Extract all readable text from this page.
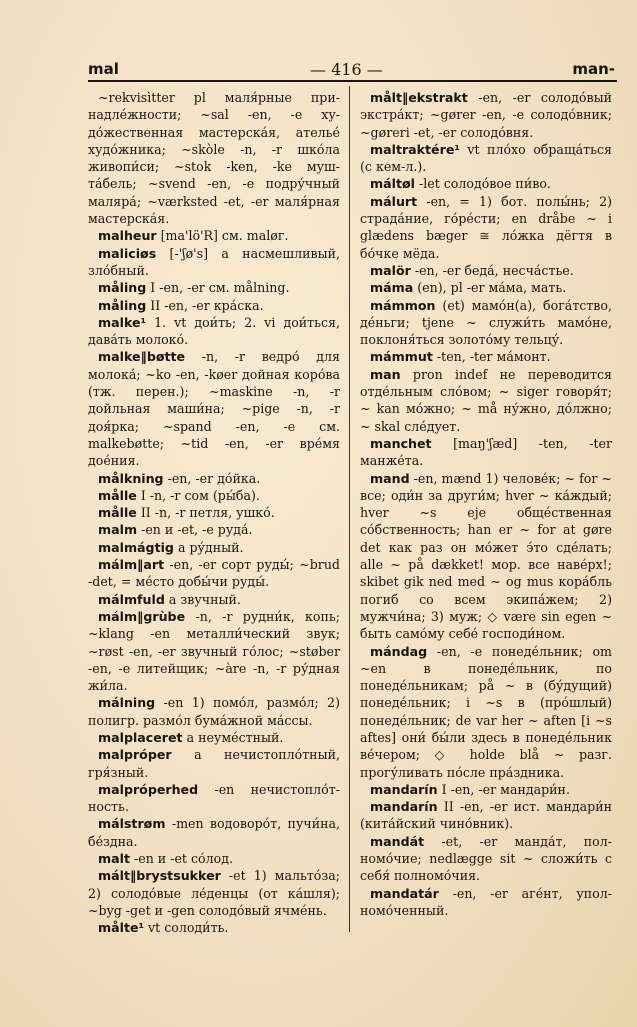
mal	— 416 —	man-

~rekvisìtter pl маля́рные принадле́жности; ~sal -en, -e худо́жественная мастерска́я, ателье́ худо́жника; ~skòle -n, -r шко́ла живопи́си; ~stok -ken, -ke мушта́бель; ~svend -en, -e подру́чный маляра́; ~værksted -et, -er маля́рная мастерска́я.

malheur [ma'lö'R] см. maløг.

maliciøs [-'ʃø's] a насмешливый, зло́бный.

måling I -en, -er см. målning.

måling II -en, -er кра́ска.

malke¹ 1. vt дои́ть; 2. vi дои́ться, дава́ть молоко́.

malke‖bøtte -n, -r ведро́ для молока́; ~ko -en, -køer дойная коро́ва (тж. перен.); ~maskine -n, -r дойльная маши́на; ~pige -n, -r доя́рка; ~spand -en, -e см. malkebøtte; ~tid -en, -er вре́мя дое́ния.

målkning -en, -er до́йка.

målle I -n, -r сом (ры́ба).

målle II -n, -r петля, ушко́.

malm -en и -et, -e руда́.

malmágtig a ру́дный.

málm‖art -en, -er сорт руды́; ~brud -det, = ме́сто добы́чи руды́.

málmfuld a звучный.

málm‖grùbe -n, -r рудни́к, копь; ~klang -en металли́ческий звук; ~røst -en, -er звучный го́лос; ~støber -en, -e литейщик; ~àre -n, -r ру́дная жи́ла.

málning -en 1) помо́л, размо́л; 2) полигр. размо́л бума́жной ма́ссы.

malplaceret a неуме́стный.

malpróper a нечистопло́тный, гря́зный.

malpróperhed -en нечистопло́тность.

málstrøm -men водоворо́т, пучи́на, бе́здна.

malt -en и -et со́лод.

mált‖brystsukker -et 1) мальто́за; 2) солодо́вые ле́денцы (от ка́шля); ~byg -get и -gen солодо́вый ячме́нь.

målte¹ vt солоди́ть.

målt‖ekstrakt -en, -er солодо́вый экстра́кт; ~gører -en, -e солодо́вник; ~gøreri -et, -er солодо́вня.

maltraktére¹ vt пло́хо обраща́ться (с кем-л.).

máltøl -let солодо́вое пи́во.

málurt -en, = 1) бот. полы́нь; 2) страда́ние, го́ре́сти; en dråbe ~ i glædens bæger ≅ ло́жка дёгтя в бо́чке мёда.

malör -en, -er беда́, несча́стье.

máma (en), pl -er ма́ма, мать.

mámmon (et) мамо́н(а), бога́тство, де́ньги; tjene ~ служи́ть мамо́не, поклоня́ться золото́му тельцу́.

mámmut -ten, -ter ма́монт.

man pron indef не переводится отде́льным сло́вом; ~ siger говоря́т; ~ kan мо́жно; ~ må ну́жно, до́лжно; ~ skal сле́дует.

manchet [maŋ'ʃæd] -ten, -ter манже́та.

mand -en, mænd 1) челове́к; ~ for ~ все; оди́н за други́м; hver ~ ка́ждый; hver ~s eje обще́ственная со́бственность; han er ~ for at gøre det как раз он мо́жет э́то сде́лать; alle ~ på dækket! мор. все наве́рх!; skibet gik ned med ~ og mus кора́бль погиб со всем экипа́жем; 2) мужчи́на; 3) муж; ◇ være sin egen ~ быть само́му себе́ господи́ном.

mándag -en, -e понеде́льник; om ~en в понеде́льник, по понеде́льникам; på ~ в (бу́дущий) понеде́льник; i ~s в (про́шлый) понеде́льник; de var her ~ aften [i ~s aftes] они́ бы́ли здесь в понеде́льник ве́чером; ◇ holde blå ~ разг. прогу́ливать по́сле пра́здника.

mandarín I -en, -er мандари́н.

mandarín II -en, -er ист. мандари́н (кита́йский чино́вник).

mandát -et, -er манда́т, полномо́чие; nedlægge sit ~ сложи́ть с себя́ полномо́чия.

mandatár -en, -er аге́нт, уполномо́ченный.
